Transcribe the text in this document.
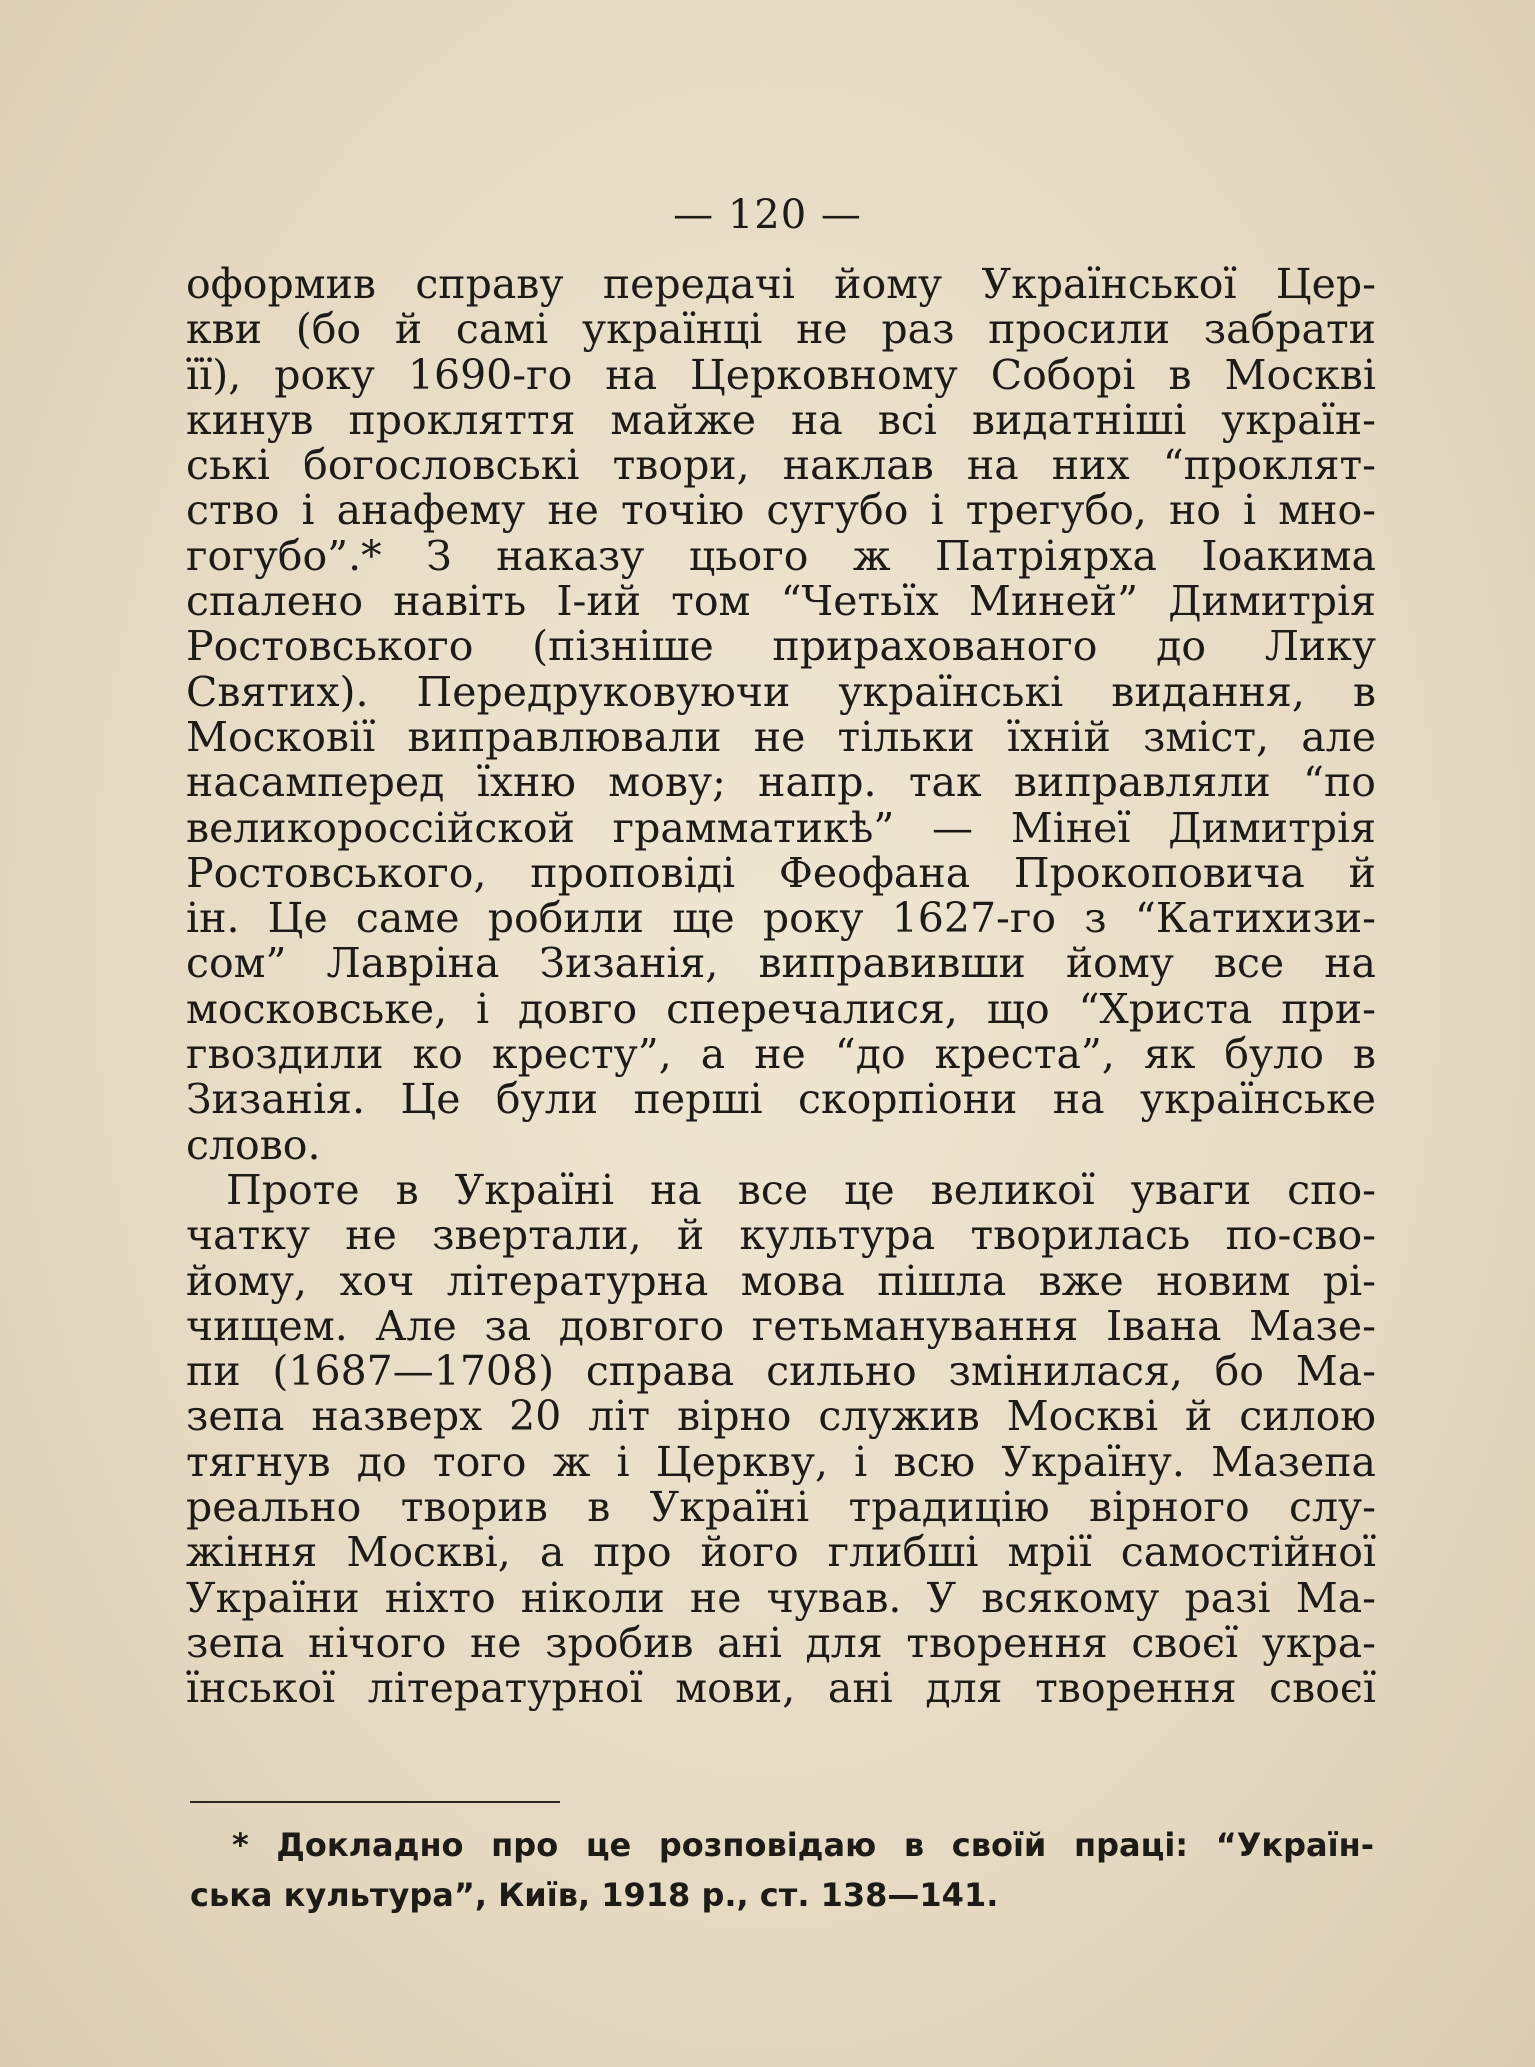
— 120 —
оформив справу передачі йому Української Цер-
кви (бо й самі українці не раз просили забрати
її), року 1690-го на Церковному Соборі в Москві
кинув прокляття майже на всі видатніші україн-
ські богословські твори, наклав на них “проклят-
ство і анафему не точію сугубо і трегубо, но і мно-
гогубо”.* З наказу цього ж Патріярха Іоакима
спалено навіть І-ий том “Четьїх Миней” Димитрія
Ростовського (пізніше прирахованого до Лику
Святих). Передруковуючи українські видання, в
Московії виправлювали не тільки їхній зміст, але
насамперед їхню мову; напр. так виправляли “по
великороссійской грамматикѣ” — Мінеї Димитрія
Ростовського, проповіді Феофана Прокоповича й
ін. Це саме робили ще року 1627-го з “Катихизи-
сом” Лавріна Зизанія, виправивши йому все на
московське, і довго сперечалися, що “Христа при-
гвоздили ко кресту”, а не “до креста”, як було в
Зизанія. Це були перші скорпіони на українське
слово.
Проте в Україні на все це великої уваги спо-
чатку не звертали, й культура творилась по-сво-
йому, хоч літературна мова пішла вже новим рі-
чищем. Але за довгого гетьманування Івана Мазе-
пи (1687—1708) справа сильно змінилася, бо Ма-
зепа назверх 20 літ вірно служив Москві й силою
тягнув до того ж і Церкву, і всю Україну. Мазепа
реально творив в Україні традицію вірного слу-
жіння Москві, а про його глибші мрії самостійної
України ніхто ніколи не чував. У всякому разі Ма-
зепа нічого не зробив ані для творення своєї укра-
їнської літературної мови, ані для творення своєї
* Докладно про це розповідаю в своїй праці: “Україн-
ська культура”, Київ, 1918 р., ст. 138—141.
